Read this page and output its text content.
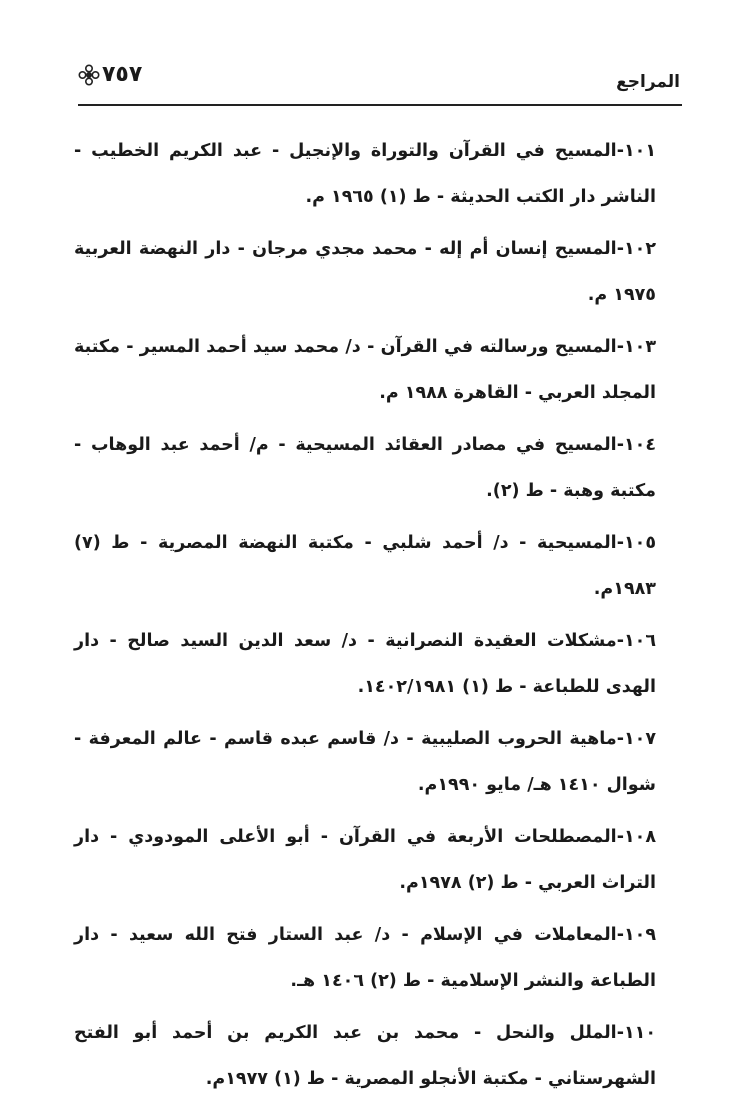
٧٥٧	المراجع

١٠١-المسيح في القرآن والتوراة والإنجيل - عبد الكريم الخطيب - الناشر دار الكتب الحديثة - ط (١) ١٩٦٥ م.

١٠٢-المسيح إنسان أم إله - محمد مجدي مرجان - دار النهضة العربية ١٩٧٥ م.

١٠٣-المسيح ورسالته في القرآن - د/ محمد سيد أحمد المسير - مكتبة المجلد العربي - القاهرة ١٩٨٨ م.

١٠٤-المسيح في مصادر العقائد المسيحية - م/ أحمد عبد الوهاب - مكتبة وهبة - ط (٢).

١٠٥-المسيحية - د/ أحمد شلبي - مكتبة النهضة المصرية - ط (٧) ١٩٨٣م.

١٠٦-مشكلات العقيدة النصرانية - د/ سعد الدين السيد صالح - دار الهدى للطباعة - ط (١) ١٤٠٢/١٩٨١.

١٠٧-ماهية الحروب الصليبية - د/ قاسم عبده قاسم - عالم المعرفة - شوال ١٤١٠ هـ/ مايو ١٩٩٠م.

١٠٨-المصطلحات الأربعة في القرآن - أبو الأعلى المودودي - دار التراث العربي - ط (٢) ١٩٧٨م.

١٠٩-المعاملات في الإسلام - د/ عبد الستار فتح الله سعيد - دار الطباعة والنشر الإسلامية - ط (٢) ١٤٠٦ هـ.

١١٠-الملل والنحل - محمد بن عبد الكريم بن أحمد أبو الفتح الشهرستاني - مكتبة الأنجلو المصرية - ط (١) ١٩٧٧م.
